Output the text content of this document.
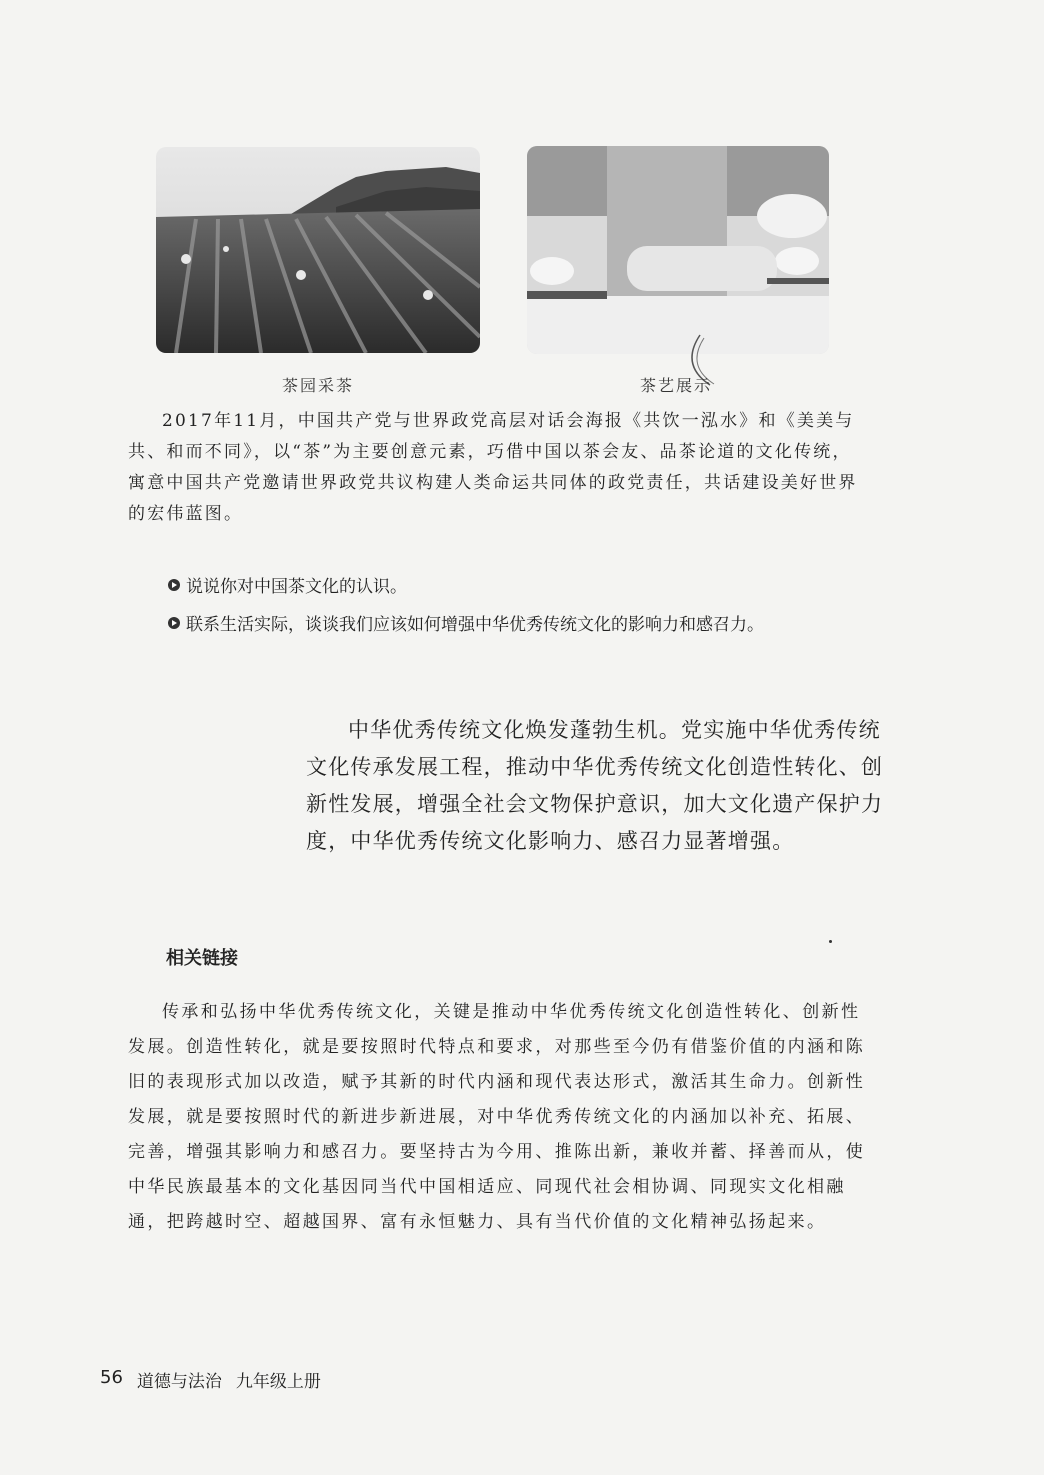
茶园采茶	茶艺展示

2017年11月，中国共产党与世界政党高层对话会海报《共饮一泓水》和《美美与共、和而不同》，以“茶”为主要创意元素，巧借中国以茶会友、品茶论道的文化传统，寓意中国共产党邀请世界政党共议构建人类命运共同体的政党责任，共话建设美好世界的宏伟蓝图。

说说你对中国茶文化的认识。
联系生活实际，谈谈我们应该如何增强中华优秀传统文化的影响力和感召力。

中华优秀传统文化焕发蓬勃生机。党实施中华优秀传统文化传承发展工程，推动中华优秀传统文化创造性转化、创新性发展，增强全社会文物保护意识，加大文化遗产保护力度，中华优秀传统文化影响力、感召力显著增强。

相关链接

传承和弘扬中华优秀传统文化，关键是推动中华优秀传统文化创造性转化、创新性发展。创造性转化，就是要按照时代特点和要求，对那些至今仍有借鉴价值的内涵和陈旧的表现形式加以改造，赋予其新的时代内涵和现代表达形式，激活其生命力。创新性发展，就是要按照时代的新进步新进展，对中华优秀传统文化的内涵加以补充、拓展、完善，增强其影响力和感召力。要坚持古为今用、推陈出新，兼收并蓄、择善而从，使中华民族最基本的文化基因同当代中国相适应、同现代社会相协调、同现实文化相融通，把跨越时空、超越国界、富有永恒魅力、具有当代价值的文化精神弘扬起来。

56 道德与法治 九年级上册
